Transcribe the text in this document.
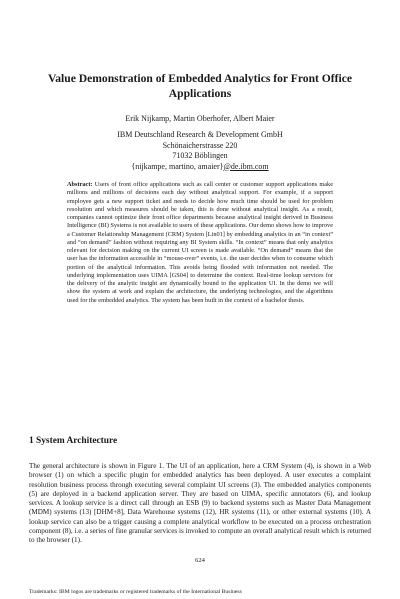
Value Demonstration of Embedded Analytics for Front Office Applications
Erik Nijkamp, Martin Oberhofer, Albert Maier
IBM Deutschland Research & Development GmbH
Schönaicherstrasse 220
71032 Böblingen
{nijkampe, martino, amaier}@de.ibm.com
Abstract: Users of front office applications such as call center or customer support applications make millions and millions of decisions each day without analytical support. For example, if a support employee gets a new support ticket and needs to decide how much time should be used for problem resolution and which measures should be taken, this is done without analytical insight. As a result, companies cannot optimize their front office departments because analytical insight derived in Business Intelligence (BI) Systems is not available to users of these applications. Our demo shows how to improve a Customer Relationship Management (CRM) System [Lin01] by embedding analytics in an “in context” and “on demand” fashion without requiring any BI System skills. “In context” means that only analytics relevant for decision making on the current UI screen is made available. “On demand” means that the user has the information accessible in “mouse-over” events, i.e. the user decides when to consume which portion of the analytical information. This avoids being flooded with information not needed. The underlying implementation uses UIMA [GS04] to determine the context. Real-time lookup services for the delivery of the analytic insight are dynamically bound to the application UI. In the demo we will show the system at work and explain the architecture, the underlying technologies, and the algorithms used for the embedded analytics. The system has been built in the context of a bachelor thesis.
1 System Architecture
The general architecture is shown in Figure 1. The UI of an application, here a CRM System (4), is shown in a Web browser (1) on which a specific plugin for embedded analytics has been deployed. A user executes a complaint resolution business process through executing several complaint UI screens (3). The embedded analytics components (5) are deployed in a backend application server. They are based on UIMA, specific annotators (6), and lookup services. A lookup service is a direct call through an ESB (9) to backend systems such as Master Data Management (MDM) systems (13) [DHM+8], Data Warehouse systems (12), HR systems (11), or other external systems (10). A lookup service can also be a trigger causing a complete analytical workflow to be executed on a process orchestration component (8), i.e. a series of fine granular services is invoked to compute an overall analytical result which is returned to the browser (1).
624
Trademarks: IBM logos are trademarks or registered trademarks of the International Business
